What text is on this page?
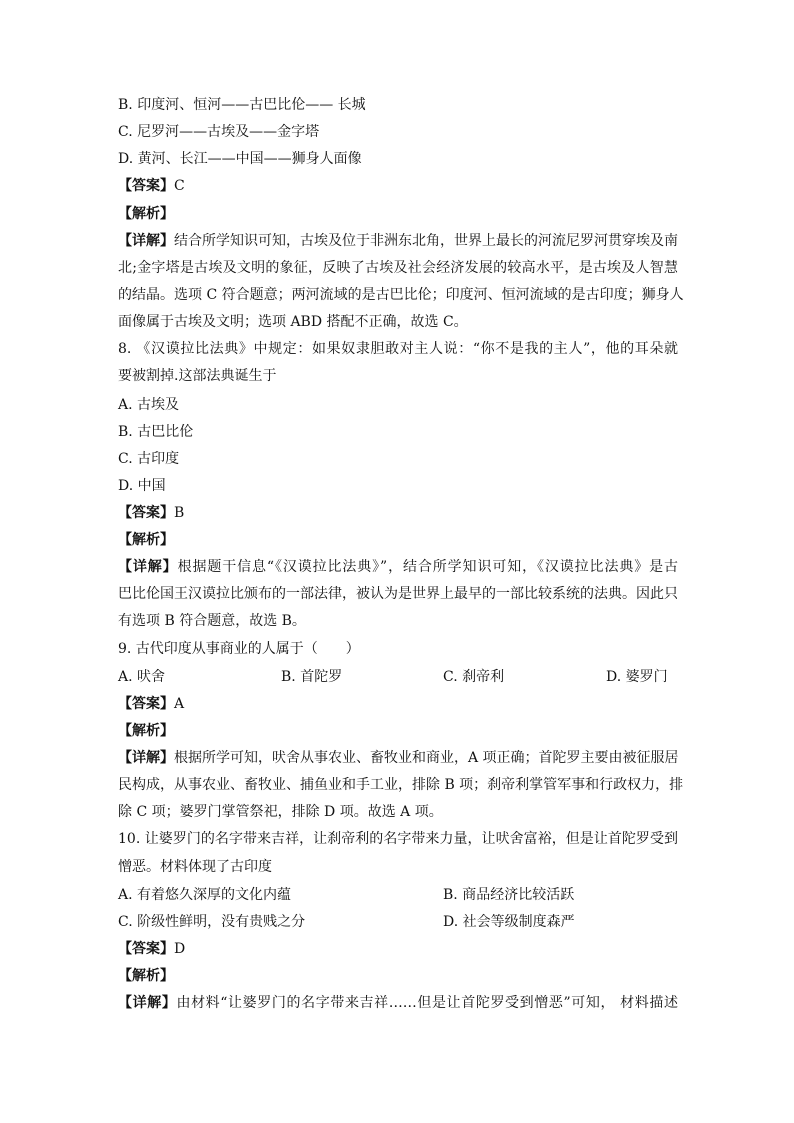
B. 印度河、恒河——古巴比伦—— 长城
C. 尼罗河——古埃及——金字塔
D. 黄河、长江——中国——狮身人面像
【答案】C
【解析】
【详解】结合所学知识可知，古埃及位于非洲东北角，世界上最长的河流尼罗河贯穿埃及南
北;金字塔是古埃及文明的象征，反映了古埃及社会经济发展的较高水平，是古埃及人智慧
的结晶。选项 C 符合题意；两河流域的是古巴比伦；印度河、恒河流域的是古印度；狮身人
面像属于古埃及文明；选项 ABD 搭配不正确，故选 C。
8. 《汉谟拉比法典》中规定：如果奴隶胆敢对主人说：“你不是我的主人”，他的耳朵就
要被割掉.这部法典诞生于
A. 古埃及
B. 古巴比伦
C. 古印度
D. 中国
【答案】B
【解析】
【详解】根据题干信息“《汉谟拉比法典》”，结合所学知识可知，《汉谟拉比法典》是古
巴比伦国王汉谟拉比颁布的一部法律，被认为是世界上最早的一部比较系统的法典。因此只
有选项 B 符合题意，故选 B。
9. 古代印度从事商业的人属于（　　）
A. 吠舍	B. 首陀罗	C. 刹帝利	D. 婆罗门
【答案】A
【解析】
【详解】根据所学可知，吠舍从事农业、畜牧业和商业，A 项正确；首陀罗主要由被征服居
民构成，从事农业、畜牧业、捕鱼业和手工业，排除 B 项；刹帝利掌管军事和行政权力，排
除 C 项；婆罗门掌管祭祀，排除 D 项。故选 A 项。
10. 让婆罗门的名字带来吉祥，让刹帝利的名字带来力量，让吠舍富裕，但是让首陀罗受到
憎恶。材料体现了古印度
A. 有着悠久深厚的文化内蕴	B. 商品经济比较活跃
C. 阶级性鲜明，没有贵贱之分	D. 社会等级制度森严
【答案】D
【解析】
【详解】由材料“让婆罗门的名字带来吉祥……但是让首陀罗受到憎恶”可知， 材料描述
